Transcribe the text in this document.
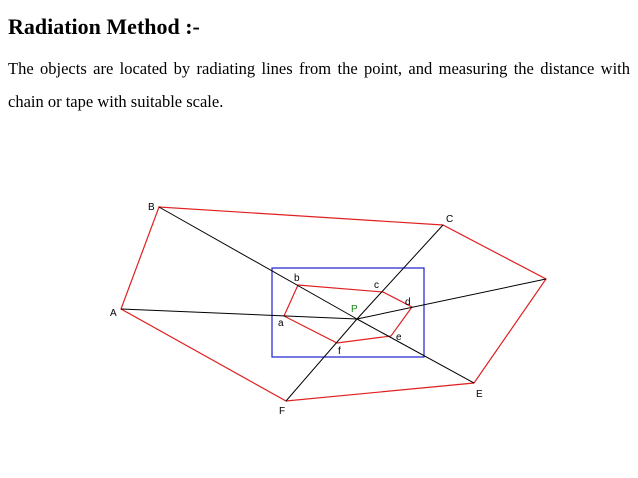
Radiation Method :-
The objects are located by radiating lines from the point, and measuring the distance with chain or tape with suitable scale.
A
B
C
E
F
a
b
c
d
e
f
P
